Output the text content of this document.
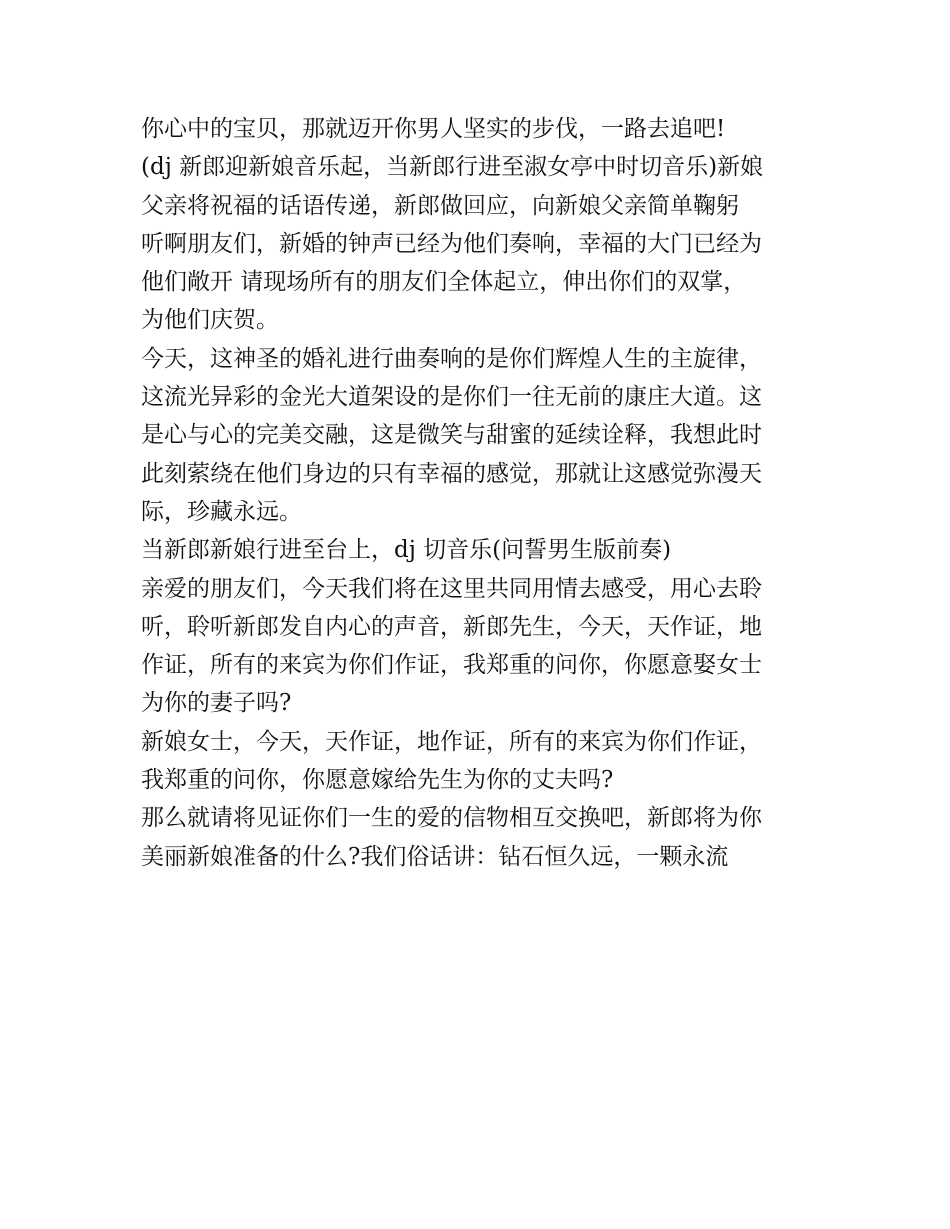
你心中的宝贝，那就迈开你男人坚实的步伐，一路去追吧!
(dj 新郎迎新娘音乐起，当新郎行进至淑女亭中时切音乐)新娘
父亲将祝福的话语传递，新郎做回应，向新娘父亲简单鞠躬
听啊朋友们，新婚的钟声已经为他们奏响，幸福的大门已经为
他们敞开 请现场所有的朋友们全体起立，伸出你们的双掌，
为他们庆贺。
今天，这神圣的婚礼进行曲奏响的是你们辉煌人生的主旋律，
这流光异彩的金光大道架设的是你们一往无前的康庄大道。这
是心与心的完美交融，这是微笑与甜蜜的延续诠释，我想此时
此刻萦绕在他们身边的只有幸福的感觉，那就让这感觉弥漫天
际，珍藏永远。
当新郎新娘行进至台上，dj 切音乐(问誓男生版前奏)
亲爱的朋友们，今天我们将在这里共同用情去感受，用心去聆
听，聆听新郎发自内心的声音，新郎先生，今天，天作证，地
作证，所有的来宾为你们作证，我郑重的问你，你愿意娶女士
为你的妻子吗?
新娘女士，今天，天作证，地作证，所有的来宾为你们作证，
我郑重的问你，你愿意嫁给先生为你的丈夫吗?
那么就请将见证你们一生的爱的信物相互交换吧，新郎将为你
美丽新娘准备的什么?我们俗话讲：钻石恒久远，一颗永流
